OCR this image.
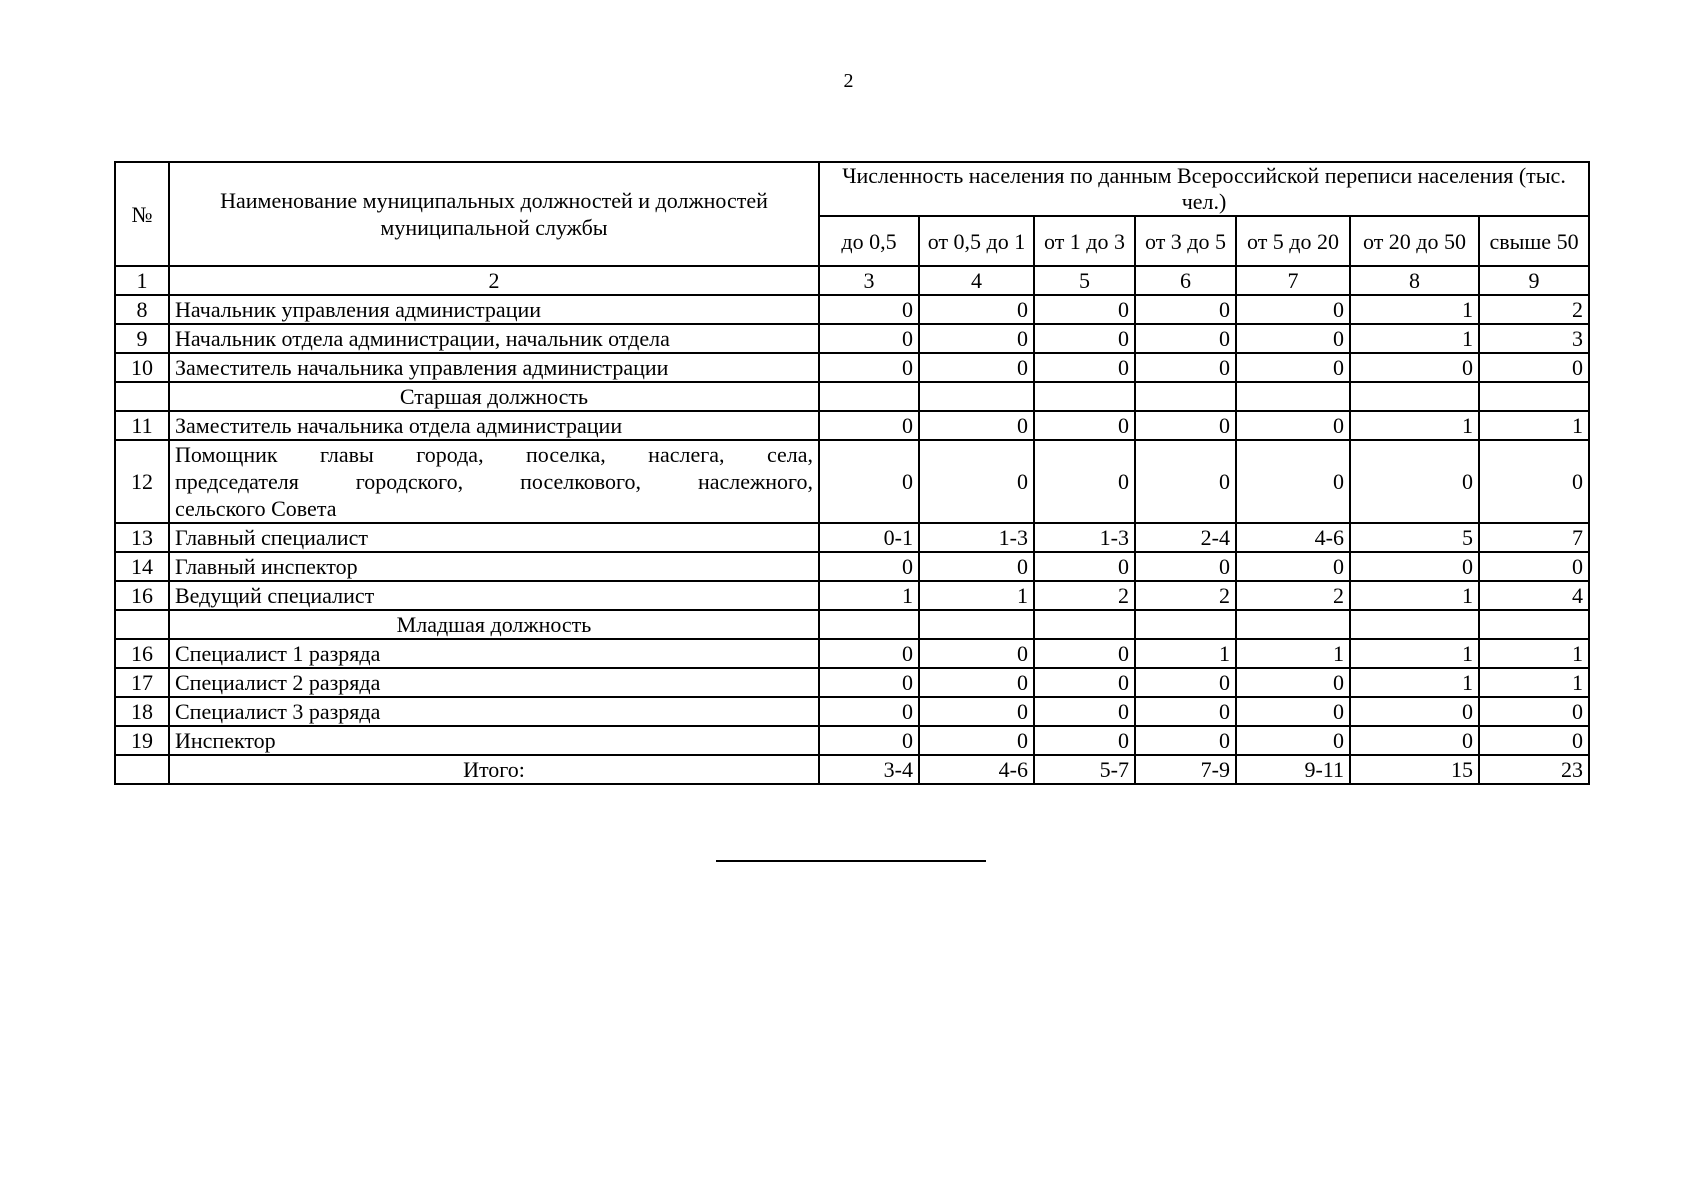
2
№	Наименование муниципальных должностей и должностей муниципальной службы	Численность населения по данным Всероссийской переписи населения (тыс. чел.)						
		до 0,5	от 0,5 до 1	от 1 до 3	от 3 до 5	от 5 до 20	от 20 до 50	свыше 50
1	2	3	4	5	6	7	8	9
8	Начальник управления администрации	0	0	0	0	0	1	2
9	Начальник отдела администрации, начальник отдела	0	0	0	0	0	1	3
10	Заместитель начальника управления администрации	0	0	0	0	0	0	0
	Старшая должность							
11	Заместитель начальника отдела администрации	0	0	0	0	0	1	1
12	Помощник главы города, поселка, наслега, села,
председателя городского, поселкового, наслежного,
сельского Совета	0	0	0	0	0	0	0
13	Главный специалист	0-1	1-3	1-3	2-4	4-6	5	7
14	Главный инспектор	0	0	0	0	0	0	0
16	Ведущий специалист	1	1	2	2	2	1	4
	Младшая должность							
16	Специалист 1 разряда	0	0	0	1	1	1	1
17	Специалист 2 разряда	0	0	0	0	0	1	1
18	Специалист 3 разряда	0	0	0	0	0	0	0
19	Инспектор	0	0	0	0	0	0	0
	Итого:	3-4	4-6	5-7	7-9	9-11	15	23
